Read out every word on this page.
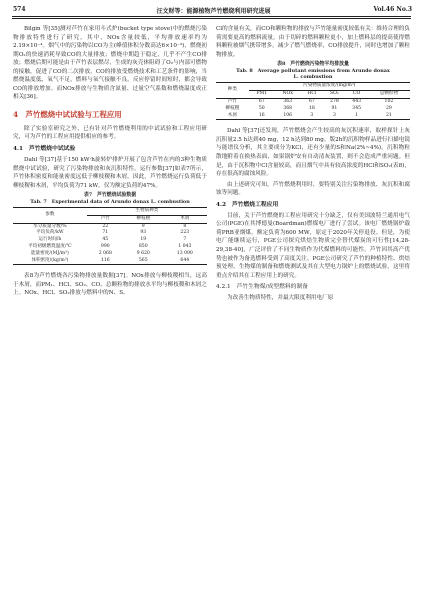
574	汪文财等：能源植物芦竹燃烧利用研究进展	Vol.46 No.3

Bilgin 等[35]测对芦竹在家用斗式炉(bucket type stove)中的燃烧污染物排放特性进行了研究。其中，NOx含量较低，平均排放速率约为2.19×10⁻⁴。烟气中的污染物以CO为主(峰值体积分数高达6×10⁻³)，燃烧初期O₂的快速消耗导致CO的大量排放；燃烧中期趋于稳定，几乎不产生CO排放；燃烧后期可能是由于芦竹表层燃尽，生成的灰壳体阻碍了O₂与内部可燃物的接触，促进了CO的二次排放。CO的排放受燃烧技术和工艺条件的影响，当燃烧温度低、氧气不足，燃料与氧气接触不良，反应停留时间短时，都会导致CO的排放增加。而NOx排放与生物质含氮量、过量空气系数和燃烧温度成正相关[36]。

4　芦竹燃烧中试试验与工程应用

除了实验室研究之外，已有针对芦竹燃烧利用的中试试验和工程应用研究，可为芦竹的工程应用提供相应的参考。

4.1　芦竹燃烧中试试验

Dahl 等[37]基于150 kW·h旋转炉排炉开展了包含芦竹在内的3种生物质燃烧中试试验，研究了污染物排放和灰沉积特性。运行参数[37]如表7所示，芦竹体积密度和能量密度远低于柳枝稷和木屑，因此，芦竹燃烧运行负荷低于柳枝稷和木屑，平均负荷为71 kW，仅为额定负荷的47%。

表7　芦竹燃烧试验数据
Tab. 7　Experimental data of Arundo donax L. combustion
参数	生物质种类		
	芦竹	柳枝稷	木屑
水分质量分数/%	22	9	8
平均负荷/kW	71	93	223
运行时间/h	45	19	7
平均初级燃烧温度/℃	990	850	1 043
能量密度/(MJ/m³)	2 068	9 620	13 090
体积密度/(kg/m³)	116	565	644

表8为芦竹燃烧各污染物排放量数据[37]。NOx排放与柳枝稷相当，远高于木屑，而PM₁、HCl、SO₂、CO、总颗粒物的排放水平均与柳枝稷和木屑之上。NOx、HCl、SO₂排放与燃料中的N、S、

Cl的含量有关，而CO和颗粒物的排放与芦竹能量密度较低有关：维持合理的负荷需要更高的燃料流量，由于切碎的燃料颗粒更小，加上燃料层的提高使得燃料颗粒被烟气携带增多，减少了燃气燃烧率，CO排放提升，同时也增加了颗粒物排放。

表8　芦竹燃烧污染物平均排放量
Tab. 8　Average pollutant emissions from Arundo donax
L. combustion
种类	污染物质量浓度/(mg/m³)					
	PM1	NOx	HCl	SO₂	CO	总颗粒物
芦竹	67	363	67	278	443	102
柳枝稷	50	368	18	91	345	29
木屑	16	106	3	3	1	21

Dahl 等[37]还发现，芦竹燃烧会产生较高的灰沉积速率，取样探针上灰沉积量2.5 h达到40 mg，12 h达到80 mg。版2h的沉积物样品进行扫描电镜与能谱仪分析，其主要成分为KCl，还有少量的S和Na(2%~4%)。沉积物粒散地附着在换热表面，如果锅炉安有自动清灰装置，则不会造成严重问题。但是，由于沉积物中Cl含量较高，而且烟气中具有较高浓度的HCl和SO₂(表8)，存在很高的腐蚀风险。

由上述研究可知，芦竹燃烧利用时，要特别关注污染物排放、灰沉积和腐蚀等问题。

4.2　芦竹燃烧工程应用

目前，关于芦竹燃烧的工程应用研究十分缺乏，仅有美国波特兰通用电气公司(PGE)在其博德曼(Boardman)燃煤电厂进行了尝试。该电厂燃烧锅炉载荷PRB亚烟煤，额定负荷为600 MW，原定于2020年关停退役。但是，为使电厂能继续运行，PGE公司探究烘焙生物质完全替代煤炭的可行性[14,28-29,38-40]，广泛评价了不同生物质作为代煤燃料的可能性。芦竹因其高产优势也被作为备选燃料受到了高度关注。PGE公司研究了芦竹的种植特性、烘焙预处理、生物煤的制备和燃烧测试及其在大型电力锅炉上的燃烧试验，这里将重点介绍其在工程应用上的研究。

4.2.1　芦竹生物煤/成型燃料的制备

为改善生物质特性，并最大限度利用电厂原
